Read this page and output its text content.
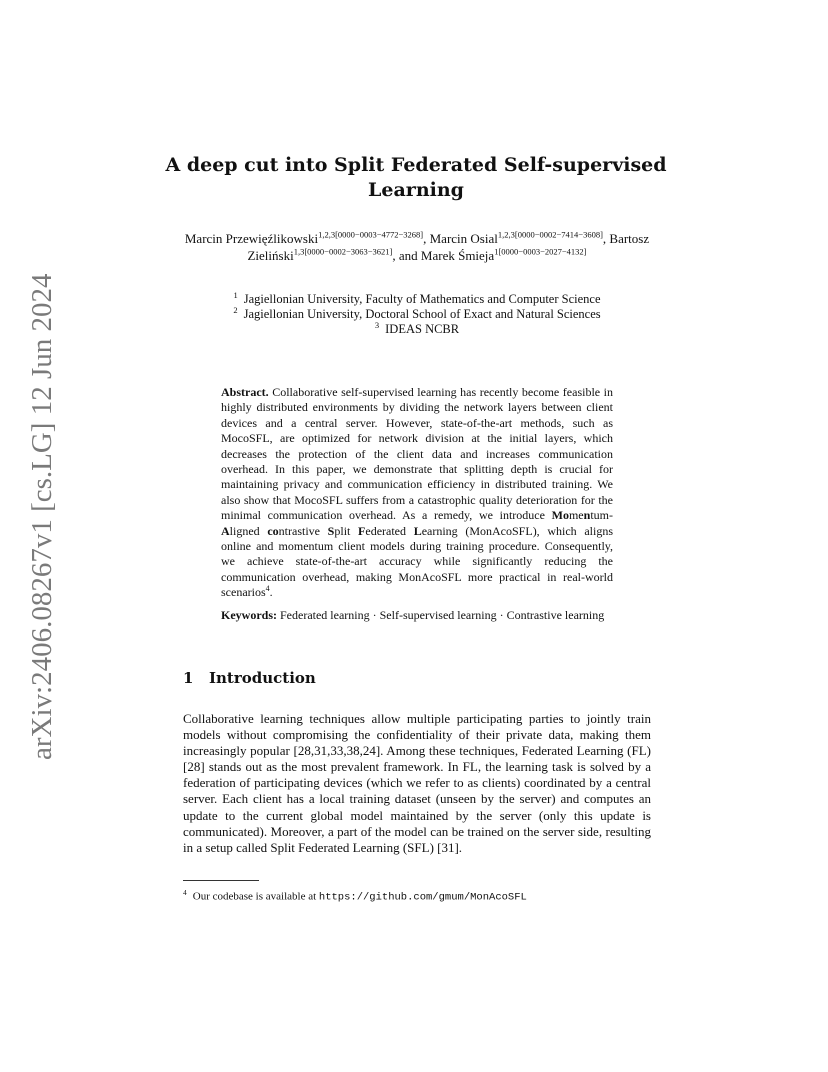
arXiv:2406.08267v1 [cs.LG] 12 Jun 2024
A deep cut into Split Federated Self-supervised Learning
Marcin Przewięźlikowski$^{1,2,3[0000-0003-4772-3268]}$, Marcin Osial$^{1,2,3[0000-0002-7414-3608]}$, Bartosz Zieliński$^{1,3[0000-0002-3063-3621]}$, and Marek Śmieja$^{1[0000-0003-2027-4132]}$
$^1$ Jagiellonian University, Faculty of Mathematics and Computer Science
$^2$ Jagiellonian University, Doctoral School of Exact and Natural Sciences
$^3$ IDEAS NCBR
Abstract. Collaborative self-supervised learning has recently become feasible in highly distributed environments by dividing the network layers between client devices and a central server. However, state-of-the-art methods, such as MocoSFL, are optimized for network division at the initial layers, which decreases the protection of the client data and increases communication overhead. In this paper, we demonstrate that splitting depth is crucial for maintaining privacy and communication efficiency in distributed training. We also show that MocoSFL suffers from a catastrophic quality deterioration for the minimal communication overhead. As a remedy, we introduce Momentum-Aligned contrastive Split Federated Learning (MonAcoSFL), which aligns online and momentum client models during training procedure. Consequently, we achieve state-of-the-art accuracy while significantly reducing the communication overhead, making MonAcoSFL more practical in real-world scenarios$^4$.
Keywords: Federated learning · Self-supervised learning · Contrastive learning
1 Introduction
Collaborative learning techniques allow multiple participating parties to jointly train models without compromising the confidentiality of their private data, making them increasingly popular [28,31,33,38,24]. Among these techniques, Federated Learning (FL) [28] stands out as the most prevalent framework. In FL, the learning task is solved by a federation of participating devices (which we refer to as clients) coordinated by a central server. Each client has a local training dataset (unseen by the server) and computes an update to the current global model maintained by the server (only this update is communicated). Moreover, a part of the model can be trained on the server side, resulting in a setup called Split Federated Learning (SFL) [31].
$^4$ Our codebase is available at https://github.com/gmum/MonAcoSFL
